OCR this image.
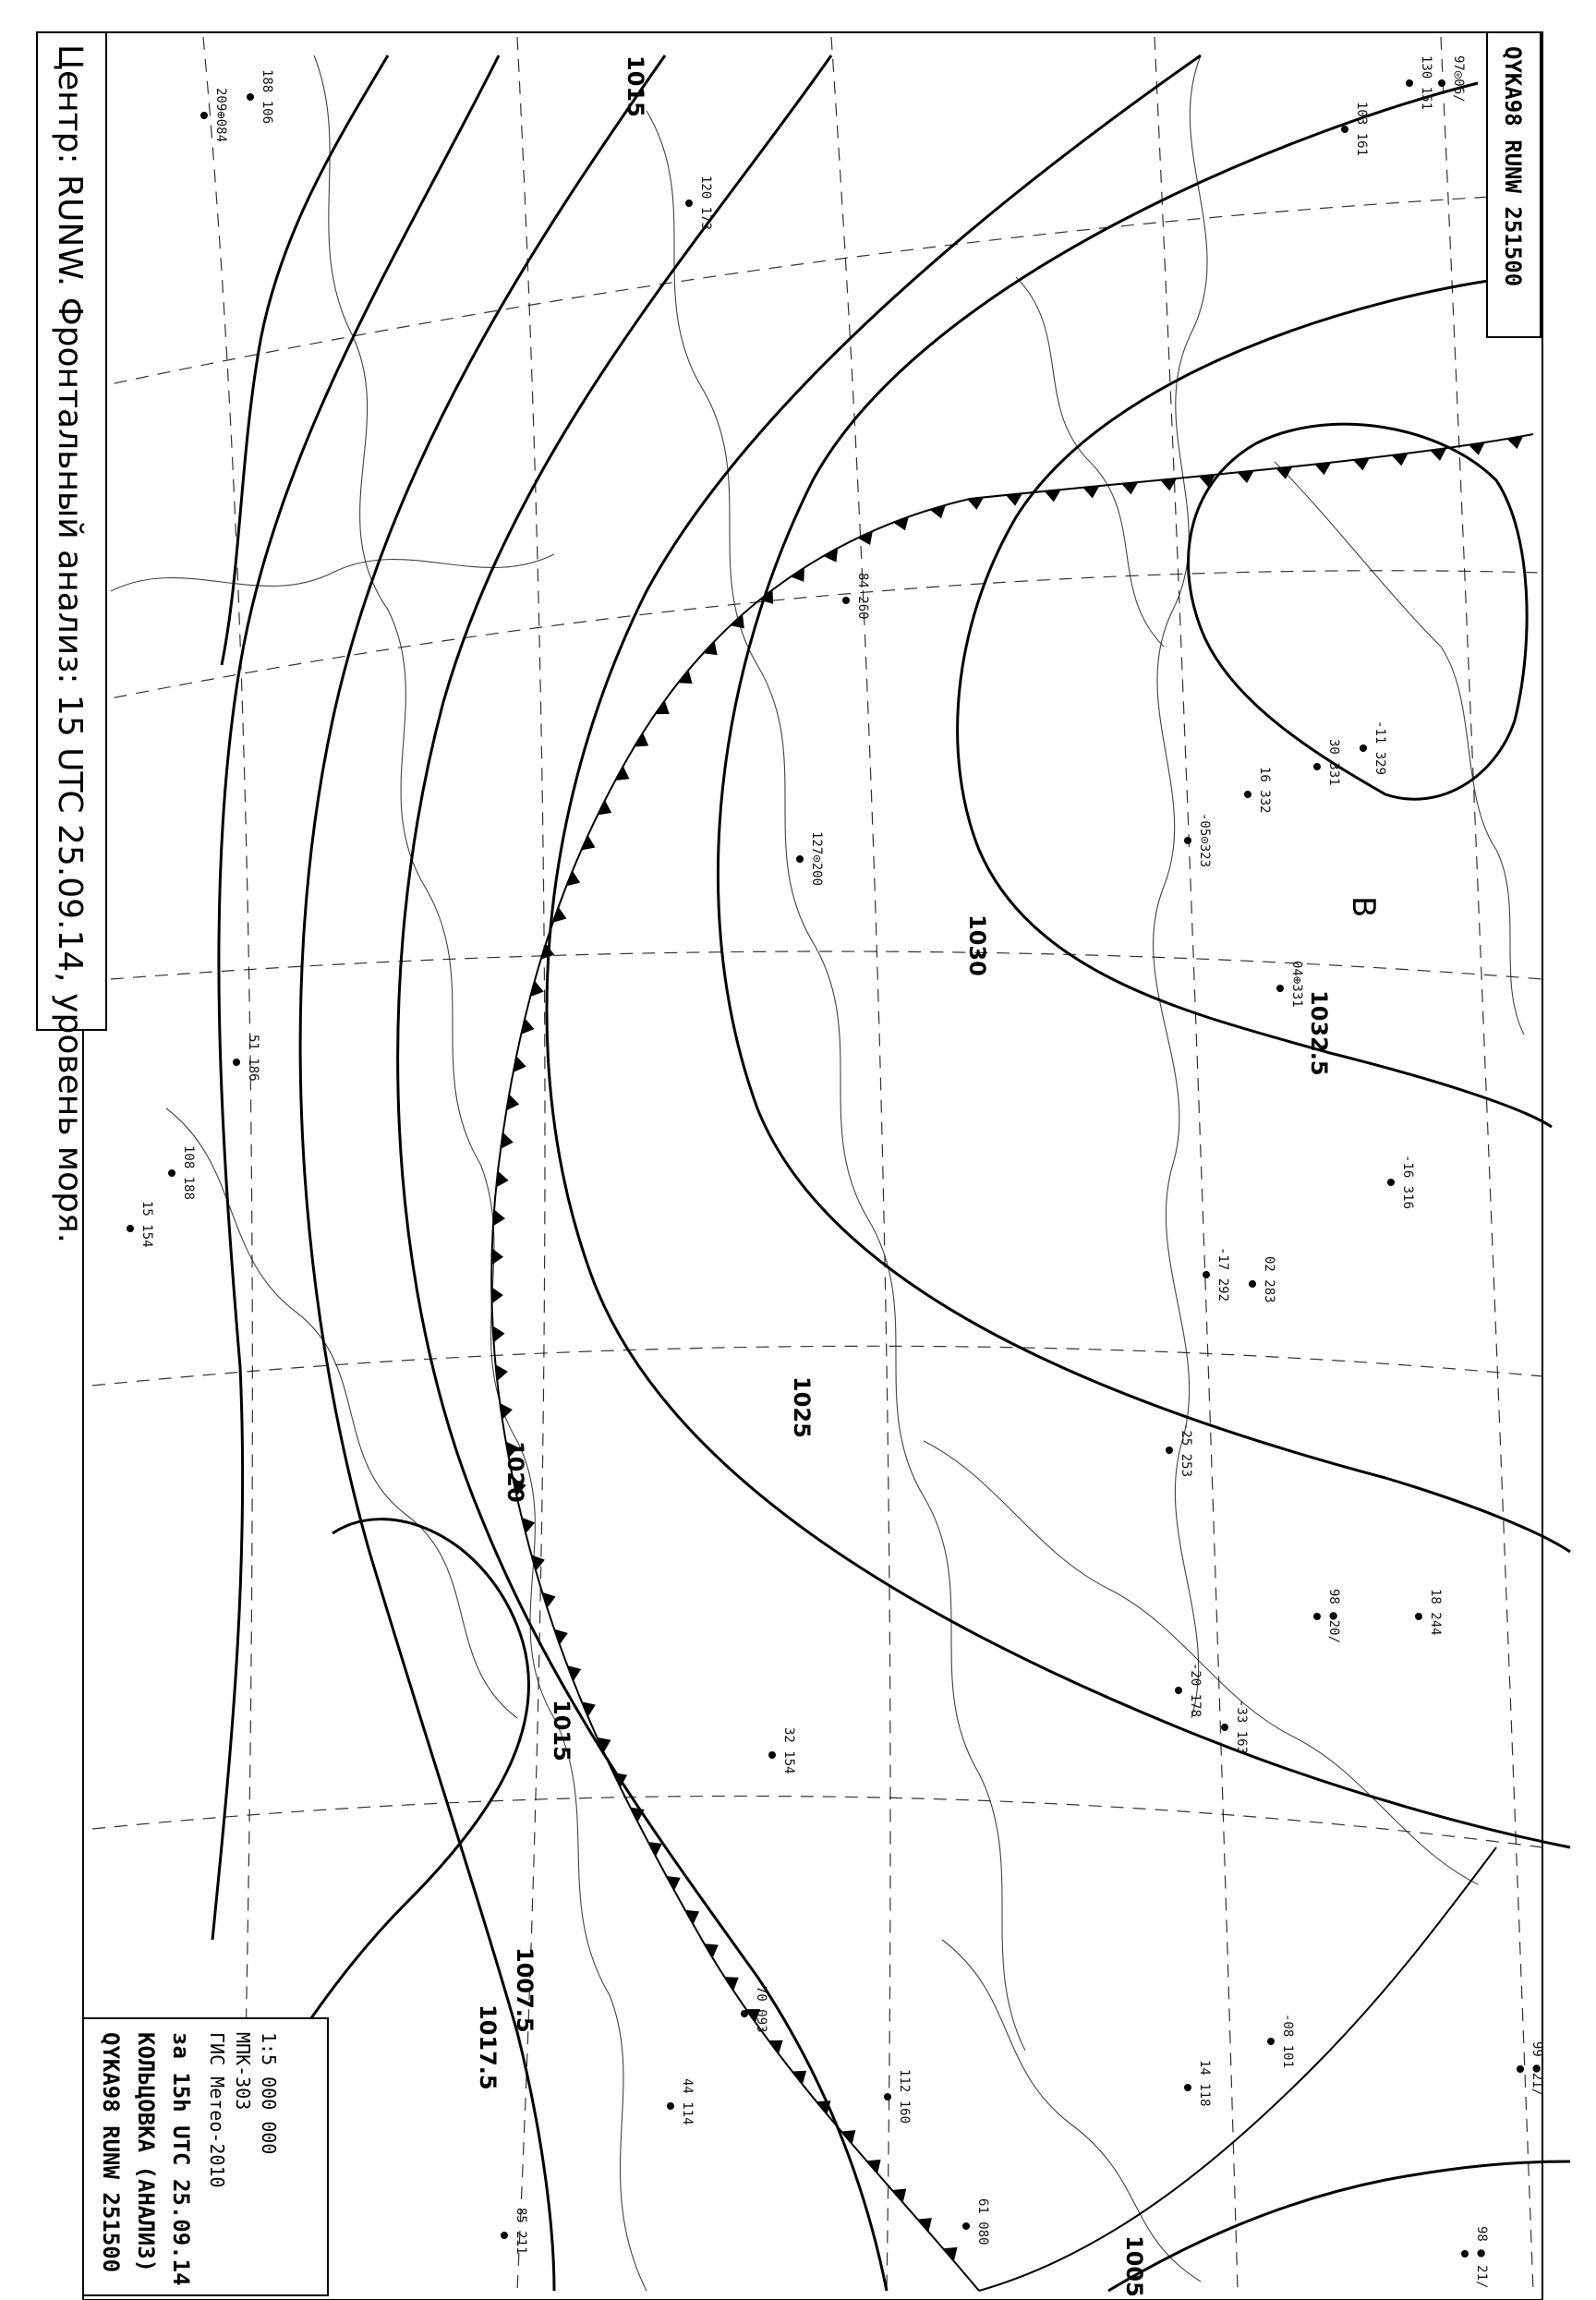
98 ● 21/
97◎06/
130 151
103 161
188 106
209⊕084
120 173
127⊙200
30 331
04⊕331
16 332
-11 329
-05⊙323
84 260
85 211
32 154
44 114
70 093
112 160
98 ●20/
-20 178
-33 163
18 244
-16 316
-17 292 02 283
-25 253
-08 101
99 ●21/
14 118
61 080
51 186
108 188
15 154
1007.5
1015
1017.5
1020
1025
1030
1032.5
1005
1015
B
Центр: RUNW. Фронтальный анализ: 15 UTC 25.09.14, уровень моря.	QYKA98 RUNW 251500
QYKA98 RUNW 251500 КОЛЬЦОВКА (АНАЛИЗ) за 15h UTC 25.09.14 ГИС Метео-2010 МПК-303 1:5 000 000
